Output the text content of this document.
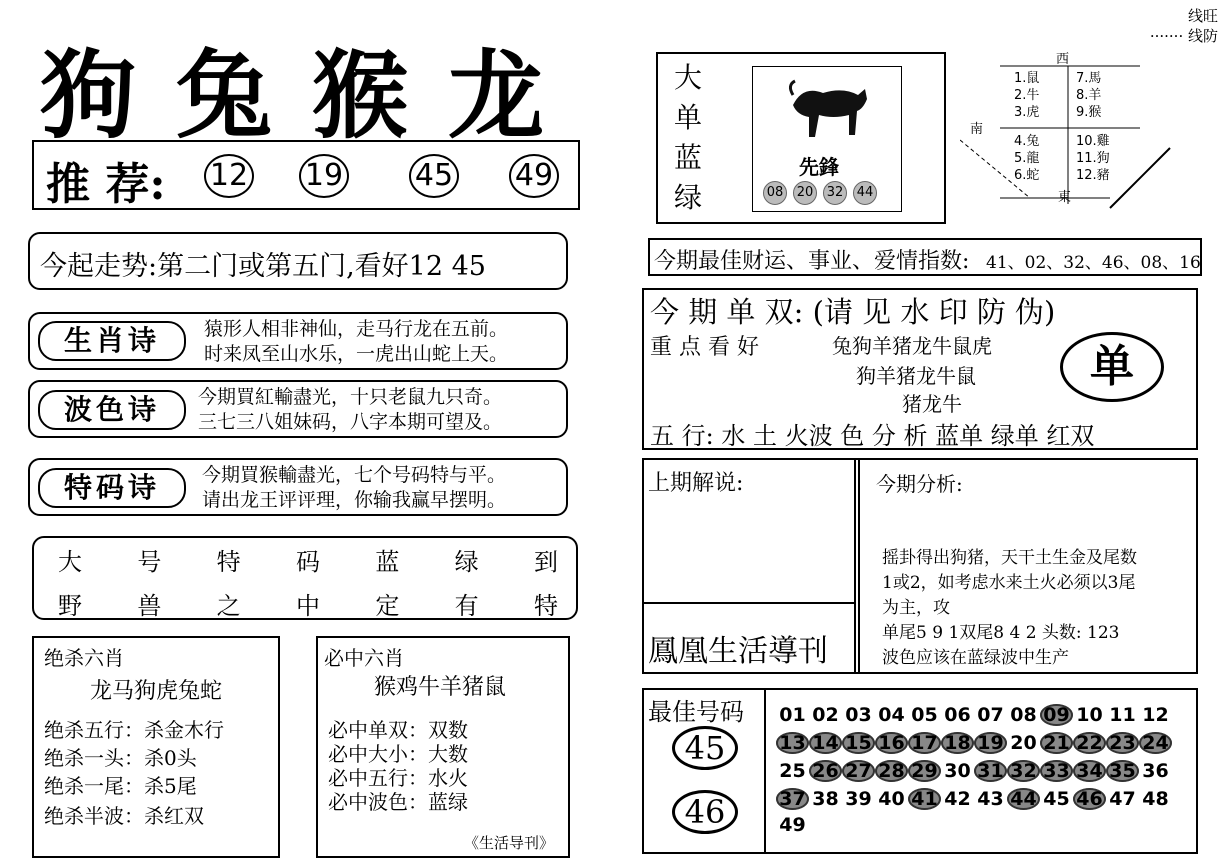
狗兔猴龙
推 荐: 12 19 45 49
今起走势:第二门或第五门,看好12 45
生肖诗	猿形人相非神仙，走马行龙在五前。
时来凤至山水乐，一虎出山蛇上天。
波色诗	今期買紅輸盡光，十只老鼠九只奇。
三七三八姐妹码，八字本期可望及。
特码诗	今期買猴輸盡光，七个号码特与平。
请出龙王评评理，你输我赢早摆明。
大 号 特 码 蓝 绿 到
野 兽 之 中 定 有 特
绝杀六肖
龙马狗虎兔蛇
绝杀五行：杀金木行
绝杀一头：杀0头
绝杀一尾：杀5尾
绝杀半波：杀红双
必中六肖
猴鸡牛羊猪鼠
必中单双：双数
必中大小：大数
必中五行：水火
必中波色：蓝绿
《生活导刊》
线旺
······· 线防
大
单
蓝
绿
先鋒
08 20 32 44
西
南
東
1.鼠
2.牛
3.虎
4.兔
5.龍
6.蛇
7.馬
8.羊
9.猴
10.雞
11.狗
12.豬
今期最佳财运、事业、爱情指数: 41、02、32、46、08、16
今 期 单 双: (请 见 水 印 防 伪)
重 点 看 好	兔狗羊猪龙牛鼠虎
狗羊猪龙牛鼠
猪龙牛
单
五 行: 水 土 火波 色 分 析 蓝单 绿单 红双
上期解说:
鳳凰生活導刊
今期分析:
摇卦得出狗猪，天干土生金及尾数
1或2，如考虑水来土火必须以3尾
为主，攻
单尾5 9 1双尾8 4 2 头数: 123
波色应该在蓝绿波中生产
最佳号码
45
46
01 02 03 04 05 06 07 08 09 10 11 12
13 14 15 16 17 18 19 20 21 22 23 24
25 26 27 28 29 30 31 32 33 34 35 36
37 38 39 40 41 42 43 44 45 46 47 48
49
